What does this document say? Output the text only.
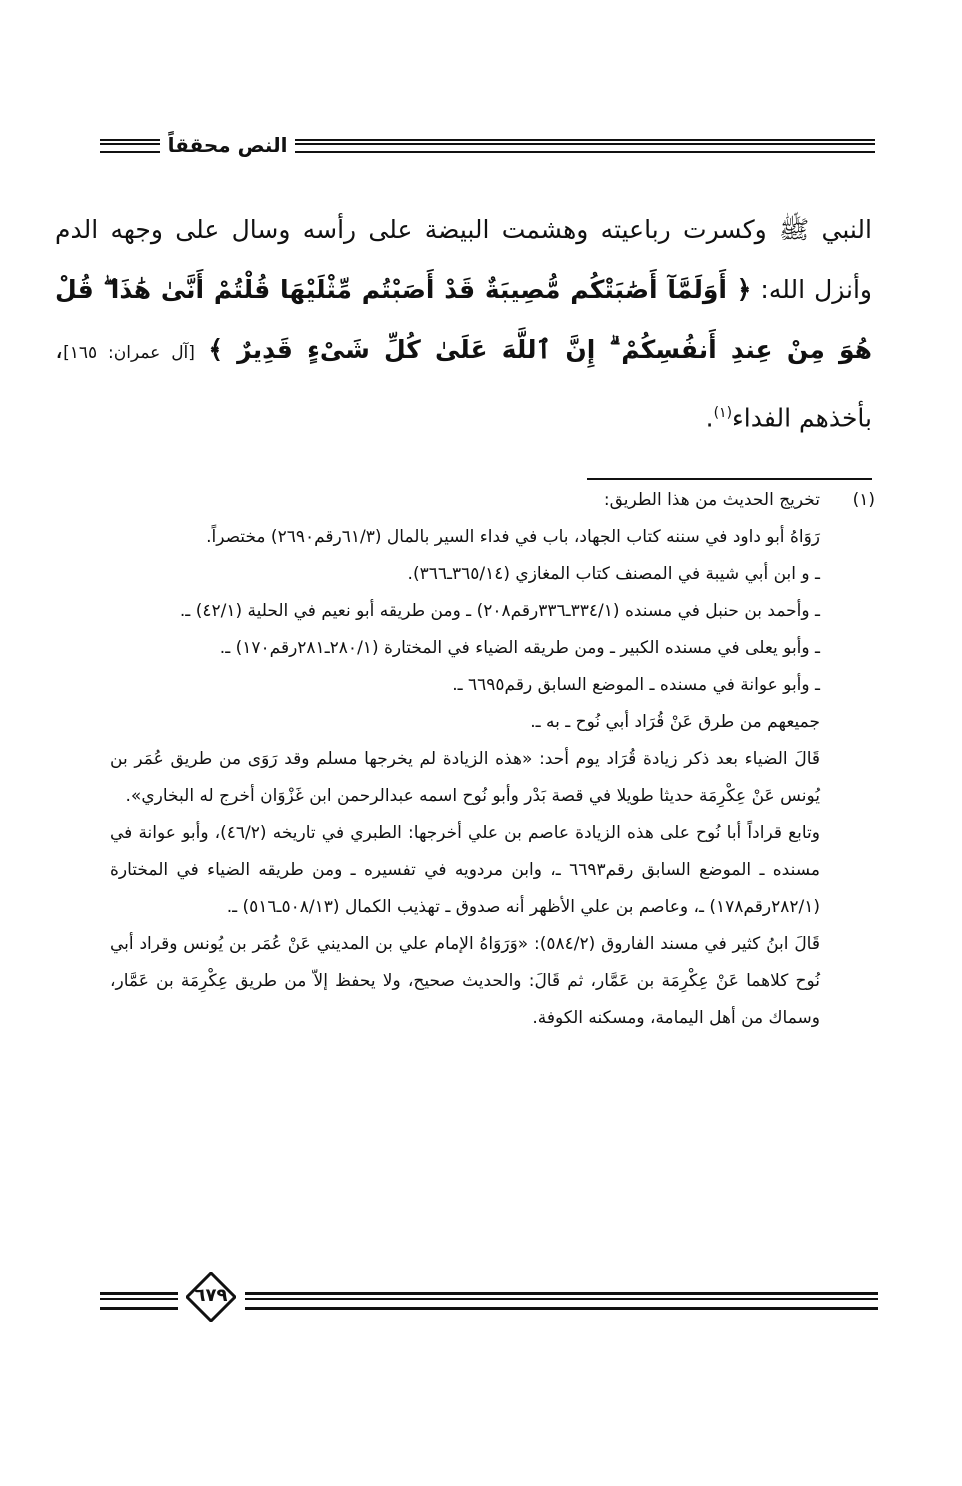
النص محققاً

النبي ﷺ وكسرت رباعيته وهشمت البيضة على رأسه وسال على وجهه الدم وأنزل الله: ﴿ أَوَلَمَّآ أَصَٰبَتْكُم مُّصِيبَةٌ قَدْ أَصَبْتُم مِّثْلَيْهَا قُلْتُمْ أَنَّىٰ هَٰذَا ۖ قُلْ هُوَ مِنْ عِندِ أَنفُسِكُمْ ۗ إِنَّ ٱللَّهَ عَلَىٰ كُلِّ شَىْءٍ قَدِيرٌ ﴾ [آل عمران: ١٦٥]، بأخذهم الفداء$^{(١)}$.

(١)

تخريج الحديث من هذا الطريق:

رَوَاهُ أبو داود في سننه كتاب الجهاد، باب في فداء السير بالمال (٦١/٣رقم٢٦٩٠) مختصراً.

ـ و ابن أبي شيبة في المصنف كتاب المغازي (٣٦٥/١٤ـ٣٦٦).

ـ وأحمد بن حنبل في مسنده (٣٣٤/١ـ٣٣٦رقم٢٠٨) ـ ومن طريقه أبو نعيم في الحلية (٤٢/١) ـ.

ـ وأبو يعلى في مسنده الكبير ـ ومن طريقه الضياء في المختارة (٢٨٠/١ـ٢٨١رقم١٧٠) ـ.

ـ وأبو عوانة في مسنده ـ الموضع السابق رقم٦٦٩٥ ـ.

جميعهم من طرق عَنْ قُرَاد أبي نُوح ـ به ـ.

قَالَ الضياء بعد ذكر زيادة قُرَاد يوم أحد: «هذه الزيادة لم يخرجها مسلم وقد رَوَى من طريق عُمَر بن يُونس عَنْ عِكْرِمَة حديثا طويلا في قصة بَدْر وأبو نُوح اسمه عبدالرحمن ابن غَزْوَان أخرج له البخاري».

وتابع قراداً أبا نُوح على هذه الزيادة عاصم بن علي أخرجها: الطبري في تاريخه (٤٦/٢)، وأبو عوانة في مسنده ـ الموضع السابق رقم٦٦٩٣ ـ، وابن مردويه في تفسيره ـ ومن طريقه الضياء في المختارة (٢٨٢/١رقم١٧٨) ـ، وعاصم بن علي الأظهر أنه صدوق ـ تهذيب الكمال (٥٠٨/١٣ـ٥١٦) ـ.

قَالَ ابنُ كثير في مسند الفاروق (٥٨٤/٢): «وَرَوَاهُ الإمام علي بن المديني عَنْ عُمَر بن يُونس وقراد أبي نُوح كلاهما عَنْ عِكْرِمَة بن عَمَّار، ثم قَالَ: والحديث صحيح، ولا يحفظ إلاّ من طريق عِكْرِمَة بن عَمَّار، وسماك من أهل اليمامة، ومسكنه الكوفة.

٦٧٩
